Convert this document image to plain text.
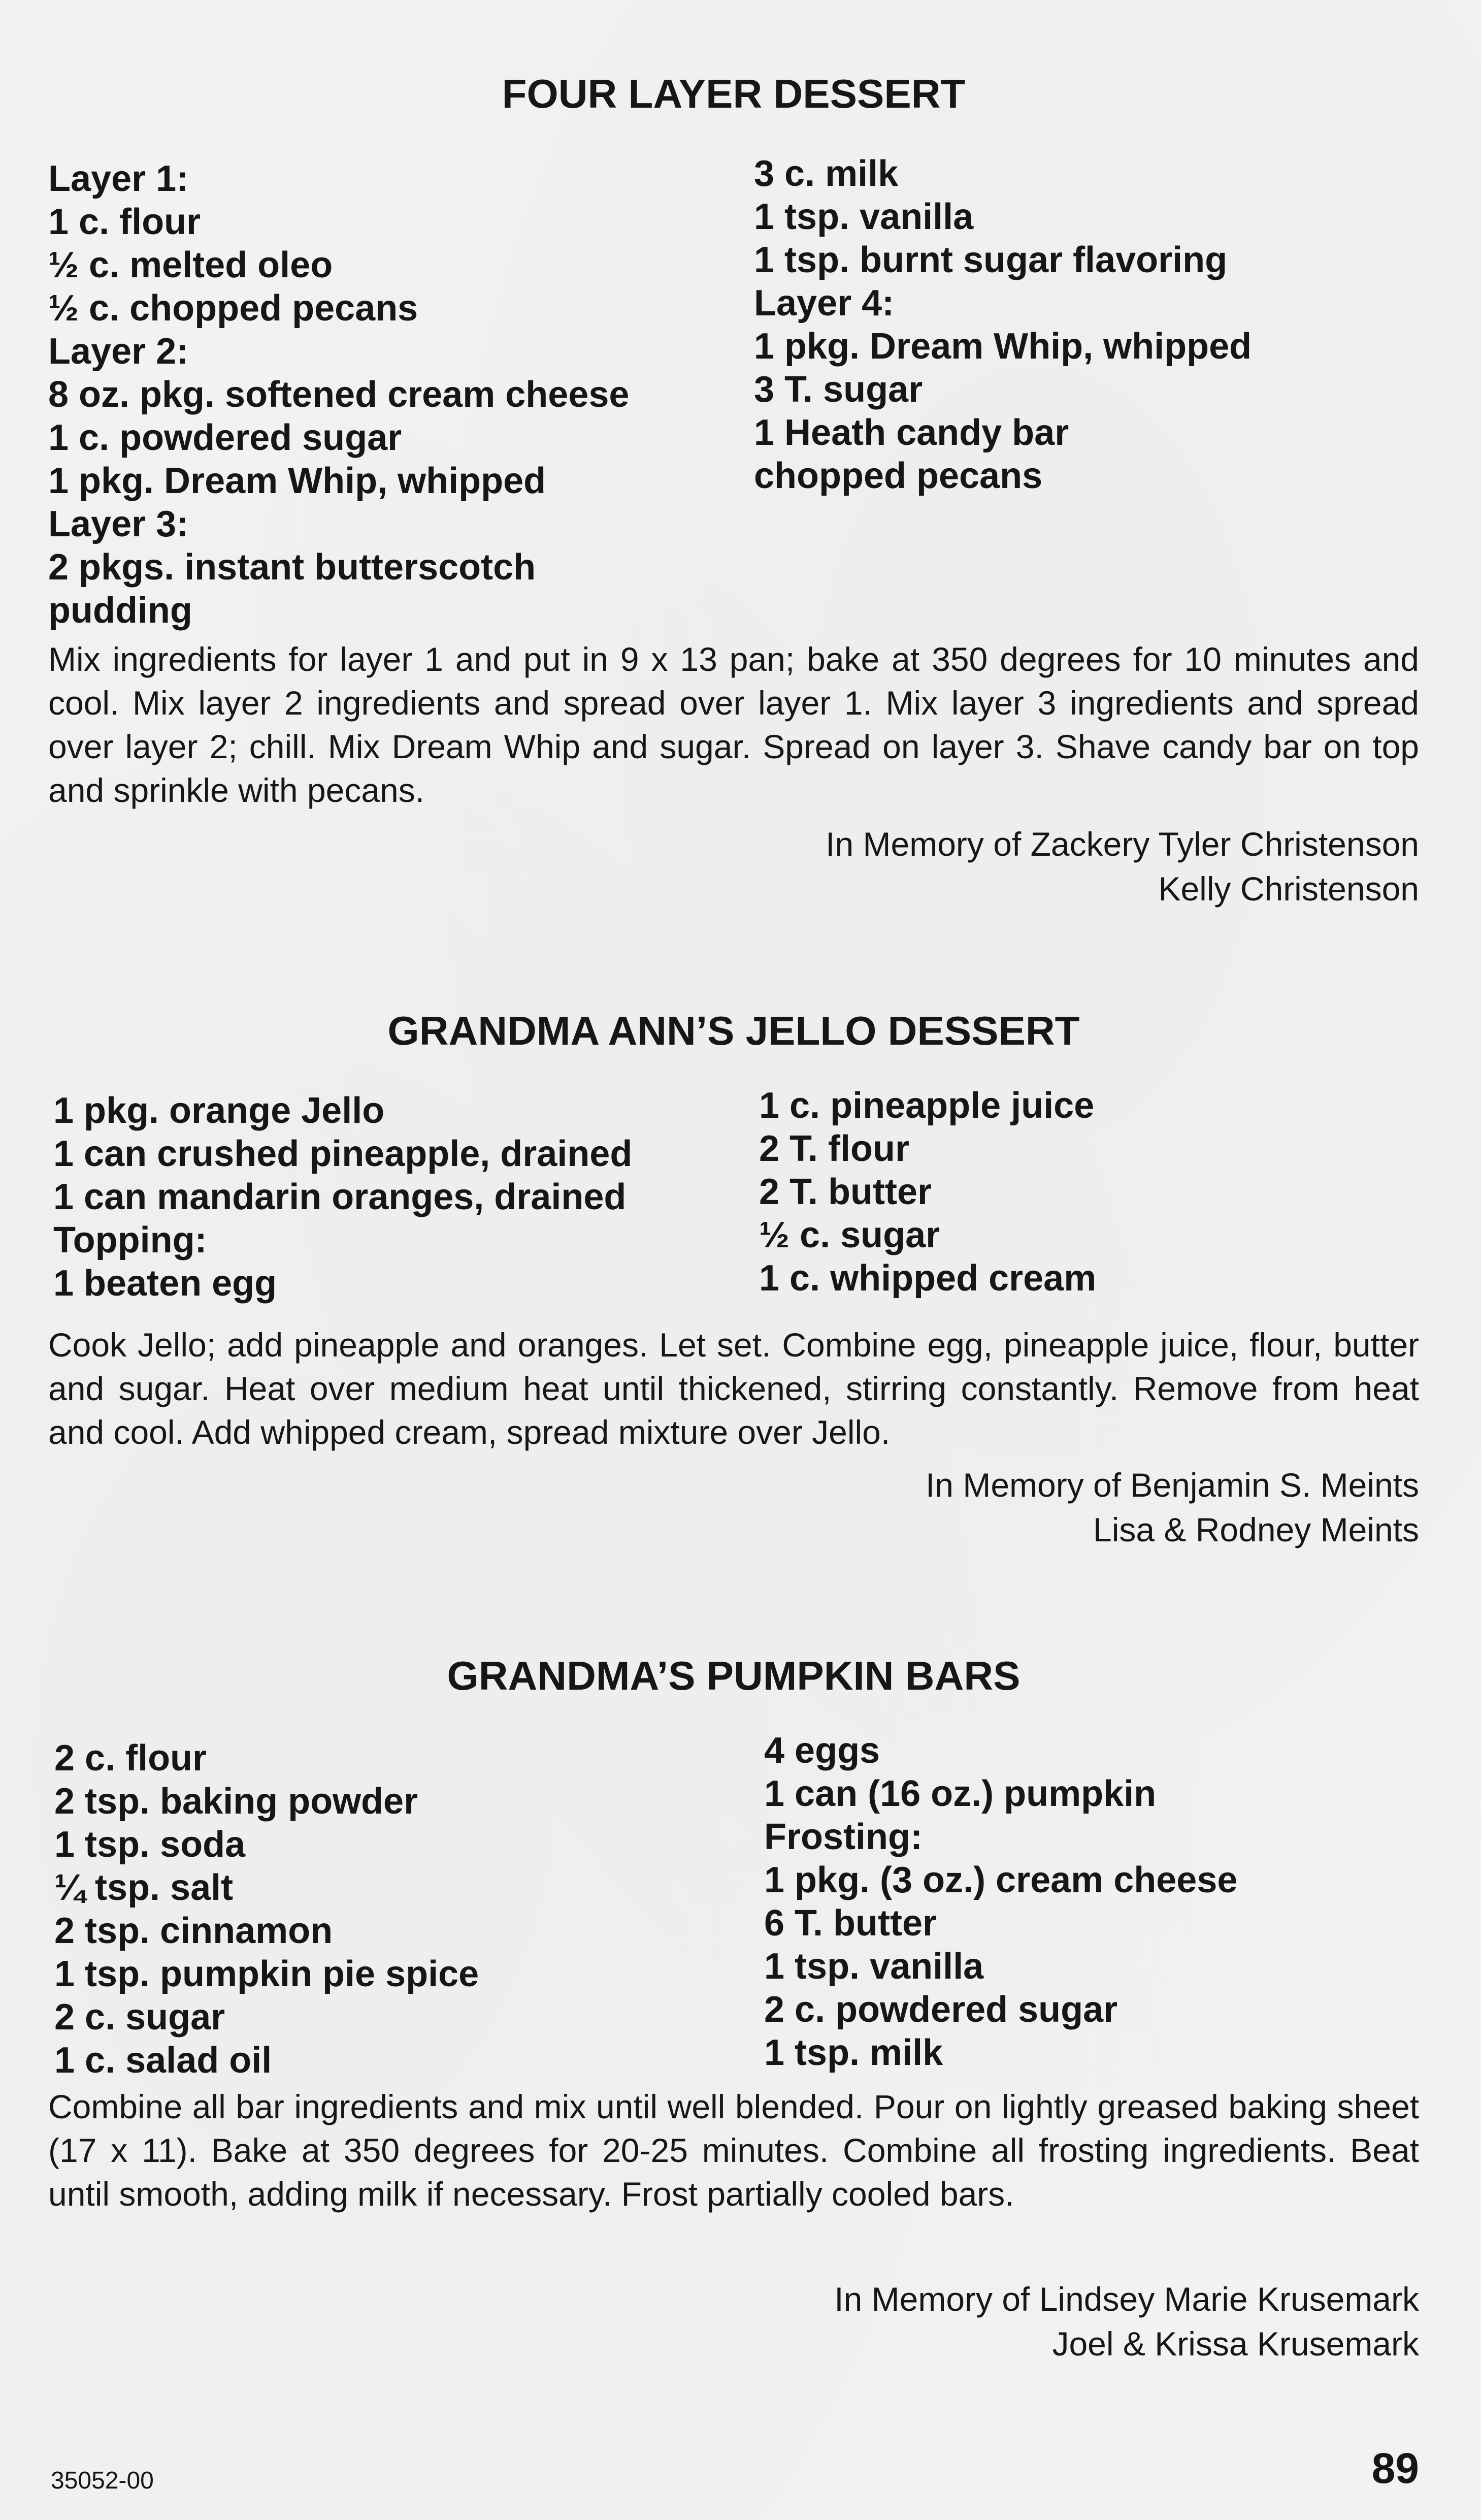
FOUR LAYER DESSERT
Layer 1:
1 c. flour
½ c. melted oleo
½ c. chopped pecans
Layer 2:
8 oz. pkg. softened cream cheese
1 c. powdered sugar
1 pkg. Dream Whip, whipped
Layer 3:
2 pkgs. instant butterscotch pudding
3 c. milk
1 tsp. vanilla
1 tsp. burnt sugar flavoring
Layer 4:
1 pkg. Dream Whip, whipped
3 T. sugar
1 Heath candy bar
chopped pecans
Mix ingredients for layer 1 and put in 9 x 13 pan; bake at 350 degrees for 10 minutes and cool. Mix layer 2 ingredients and spread over layer 1. Mix layer 3 ingredients and spread over layer 2; chill. Mix Dream Whip and sugar. Spread on layer 3. Shave candy bar on top and sprinkle with pecans.
In Memory of Zackery Tyler Christenson
Kelly Christenson
GRANDMA ANN’S JELLO DESSERT
1 pkg. orange Jello
1 can crushed pineapple, drained
1 can mandarin oranges, drained
Topping:
1 beaten egg
1 c. pineapple juice
2 T. flour
2 T. butter
½ c. sugar
1 c. whipped cream
Cook Jello; add pineapple and oranges. Let set. Combine egg, pineapple juice, flour, butter and sugar. Heat over medium heat until thickened, stirring constantly. Remove from heat and cool. Add whipped cream, spread mixture over Jello.
In Memory of Benjamin S. Meints
Lisa & Rodney Meints
GRANDMA’S PUMPKIN BARS
2 c. flour
2 tsp. baking powder
1 tsp. soda
¼ tsp. salt
2 tsp. cinnamon
1 tsp. pumpkin pie spice
2 c. sugar
1 c. salad oil
4 eggs
1 can (16 oz.) pumpkin
Frosting:
1 pkg. (3 oz.) cream cheese
6 T. butter
1 tsp. vanilla
2 c. powdered sugar
1 tsp. milk
Combine all bar ingredients and mix until well blended. Pour on lightly greased baking sheet (17 x 11). Bake at 350 degrees for 20-25 minutes. Combine all frosting ingredients. Beat until smooth, adding milk if necessary. Frost partially cooled bars.
In Memory of Lindsey Marie Krusemark
Joel & Krissa Krusemark
35052-00	89
